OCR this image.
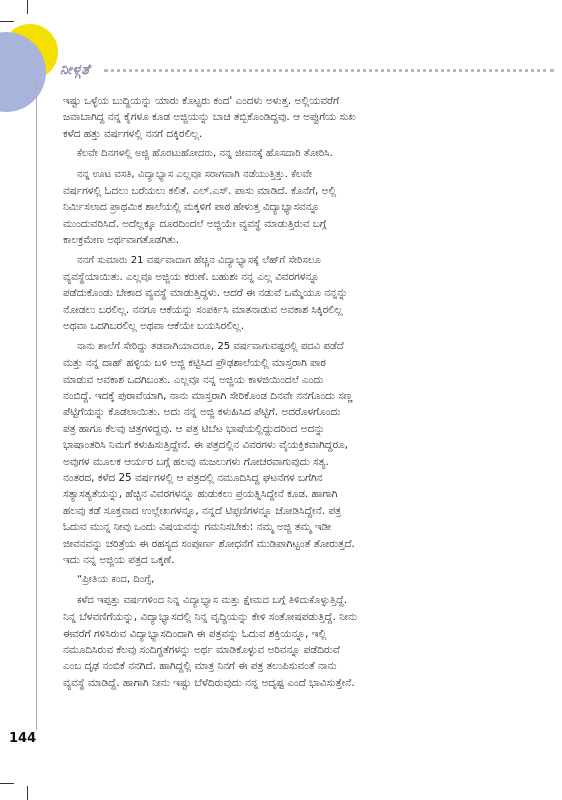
ನೀಳ್ಗತೆ

ಇಷ್ಟು ಒಳ್ಳೆಯ ಬುದ್ಧಿಯನ್ನು ಯಾರು ಕೊಟ್ಟರು ಕಂದ' ಎಂದಳು ಅಳುತ್ತ. ಅಲ್ಲಿಯವರೆಗೆ
ಜವಾಬಾಗಿದ್ದ ನನ್ನ ಕೈಗಳೂ ಕೂಡ ಅಜ್ಜಿಯನ್ನು ಬಾಚಿ ತಬ್ಬಿಕೊಂಡಿದ್ದವು. ಆ ಅಪ್ಪುಗೆಯ ಸುಖ
ಕಳೆದ ಹತ್ತು ವರ್ಷಗಳಲ್ಲಿ ನನಗೆ ದಕ್ಕಿರಲಿಲ್ಲ.

ಕೆಲವೇ ದಿನಗಳಲ್ಲಿ ಅಜ್ಜಿ ಹೊರಟುಹೋದರು, ನನ್ನ ಜೀವನಕ್ಕೆ ಹೊಸದಾರಿ ತೋರಿಸಿ.

ನನ್ನ ಊಟ ವಸತಿ, ವಿದ್ಯಾಭ್ಯಾಸ ಎಲ್ಲವೂ ಸರಾಗವಾಗಿ ನಡೆಯುತ್ತಿತ್ತು. ಕೆಲವೇ
ವರ್ಷಗಳಲ್ಲಿ ಓದಲು ಬರೆಯಲು ಕಲಿತೆ. ಎಲ್.ಎಸ್. ಪಾಸು ಮಾಡಿದೆ. ಕೊನೆಗೆ, ಅಲ್ಲಿ
ನಿರ್ಮಿಸಲಾದ ಪ್ರಾಥಮಿಕ ಶಾಲೆಯಲ್ಲಿ ಮಕ್ಕಳಿಗೆ ಪಾಠ ಹೇಳುತ್ತ ವಿದ್ಯಾಭ್ಯಾಸವನ್ನೂ
ಮುಂದುವರಿಸಿದೆ. ಅದೆಲ್ಲಕ್ಕೂ ದೂರದಿಂದಲೆ ಅಜ್ಜಿಯೇ ವ್ಯವಸ್ಥೆ ಮಾಡುತ್ತಿರುವ ಬಗ್ಗೆ
ಕಾಲಕ್ರಮೇಣ ಅರ್ಥವಾಗತೊಡಗಿತು.

ನನಗೆ ಸುಮಾರು 21 ವರ್ಷವಾದಾಗ ಹೆಚ್ಚಿನ ವಿದ್ಯಾಭ್ಯಾಸಕ್ಕೆ ಲೆಹ್‌ಗೆ ಸೇರಿಸಲೂ
ವ್ಯವಸ್ಥೆಯಾಯಿತು. ಎಲ್ಲವೂ ಅಜ್ಜಿಯ ಕರುಣೆ. ಬಹುಶಃ ನನ್ನ ಎಲ್ಲ ವಿವರಗಳನ್ನೂ
ಪಡೆದುಕೊಂಡು ಬೇಕಾದ ವ್ಯವಸ್ಥೆ ಮಾಡುತ್ತಿದ್ದಳು. ಆದರೆ ಈ ನಡುವೆ ಒಮ್ಮೆಯೂ ನನ್ನನ್ನು
ನೋಡಲು ಬರಲಿಲ್ಲ. ನನಗೂ ಆಕೆಯನ್ನು ಸಂಪರ್ಕಿಸಿ ಮಾತನಾಡುವ ಅವಕಾಶ ಸಿಕ್ಕಿರಲಿಲ್ಲ
ಅಥವಾ ಒದಗಿಬರಲಿಲ್ಲ ಅಥವಾ ಆಕೆಯೇ ಬಯಸಿರಲಿಲ್ಲ.

ನಾನು ಶಾಲೆಗೆ ಸೇರಿದ್ದು ತಡವಾಗಿಯಾದರೂ, 25 ವರ್ಷವಾಗುವಷ್ಟರಲ್ಲಿ ಪದವಿ ಪಡೆದೆ
ಮತ್ತು ನನ್ನ ದಾಹ್ ಹಳ್ಳಿಯ ಬಳಿ ಅಜ್ಜಿ ಕಟ್ಟಿಸಿದ ಪ್ರೌಢಶಾಲೆಯಲ್ಲಿ ಮಾಸ್ತರಾಗಿ ಪಾಠ
ಮಾಡುವ ಅವಕಾಶ ಒದಗಿಬಂತು. ಎಲ್ಲವೂ ನನ್ನ ಅಜ್ಜಿಯ ಕಾಳಜಿಯಿಂದಲೆ ಎಂದು
ನಂಬಿದ್ದೆ. ಇದಕ್ಕೆ ಪುರಾವೆಯಾಗಿ, ನಾನು ಮಾಸ್ತರಾಗಿ ಸೇರಿಕೊಂಡ ದಿನವೇ ನನಗೊಂದು ಸಣ್ಣ
ಪೆಟ್ಟಿಗೆಯನ್ನು ಕೊಡಲಾಯಿತು. ಅದು ನನ್ನ ಅಜ್ಜಿ ಕಳುಹಿಸಿದ ಪೆಟ್ಟಿಗೆ. ಅದರೊಳಗೊಂದು
ಪತ್ರ ಹಾಗೂ ಕೆಲವು ಚಿತ್ರಗಳಿದ್ದವು. ಆ ಪತ್ರ ಟಿಬೆಟ ಭಾಷೆಯಲ್ಲಿದ್ದುದರಿಂದ ಅದನ್ನು
ಭಾಷಾಂತರಿಸಿ ನಿಮಗೆ ಕಳುಹಿಸುತ್ತಿದ್ದೇನೆ. ಈ ಪತ್ರದಲ್ಲಿನ ವಿವರಗಳು ವೈಯಕ್ತಿಕವಾಗಿದ್ದರೂ,
ಅವುಗಳ ಮೂಲಕ ಆರ್ಯರ ಬಗ್ಗೆ ಹಲವು ಮಜಲುಗಳು ಗೋಚರವಾಗುವುದು ಸತ್ಯ.
ನಂತರದ, ಕಳೆದ 25 ವರ್ಷಗಳಲ್ಲಿ ಆ ಪತ್ರದಲ್ಲಿ ನಮೂದಿಸಿದ್ದ ಘಟನೆಗಳ ಬಗೆಗಿನ
ಸತ್ಯಾಸತ್ಯತೆಯನ್ನು, ಹೆಚ್ಚಿನ ವಿವರಗಳನ್ನೂ ಹುಡುಕಲು ಪ್ರಯತ್ನಿಸಿದ್ದೇನೆ ಕೂಡ. ಹಾಗಾಗಿ
ಹಲವು ಕಡೆ ಸೂಕ್ತವಾದ ಉಲ್ಲೇಖಗಳನ್ನೂ, ನನ್ನದೆ ಟಿಪ್ಪಣಿಗಳನ್ನೂ ಜೋಡಿಸಿದ್ದೇನೆ. ಪತ್ರ
ಓದುವ ಮುನ್ನ ನೀವು ಒಂದು ವಿಷಯವನ್ನು ಗಮನಿಸಬೇಕು: ನಮ್ಮ ಅಜ್ಜಿ ತಮ್ಮ ಇಡೀ
ಜೀವನವನ್ನು ಚರಿತ್ರೆಯ ಈ ರಹಸ್ಯದ ಸಂಪೂರ್ಣ ಶೋಧನೆಗೆ ಮುಡಿಪಾಗಿಟ್ಟಂತೆ ತೋರುತ್ತದೆ.
ಇದು ನನ್ನ ಅಜ್ಜಿಯ ಪತ್ರದ ಒಕ್ಕಣೆ.

“ಪ್ರೀತಿಯ ಕಂದ, ದಿಂಗ್ಸೆ,

ಕಳೆದ ಇಪ್ಪತ್ತು ವರ್ಷಗಳಿಂದ ನಿನ್ನ ವಿದ್ಯಾಭ್ಯಾಸ ಮತ್ತು ಕ್ಷೇಮದ ಬಗ್ಗೆ ತಿಳಿದುಕೊಳ್ಳುತ್ತಿದ್ದೆ.
ನಿನ್ನ ಬೆಳವಣಿಗೆಯನ್ನು, ವಿದ್ಯಾಭ್ಯಾಸದಲ್ಲಿ ನಿನ್ನ ವೃದ್ಧಿಯನ್ನು ಕೇಳಿ ಸಂತೋಷಪಡುತ್ತಿದ್ದೆ. ನೀನು
ಈವರೆಗೆ ಗಳಿಸಿರುವ ವಿದ್ಯಾಭ್ಯಾಸದಿಂದಾಗಿ ಈ ಪತ್ರವನ್ನು ಓದುವ ಶಕ್ತಿಯನ್ನೂ, ಇಲ್ಲಿ
ನಮೂದಿಸಿರುವ ಕೆಲವು ಸಂದಿಗ್ಧತೆಗಳನ್ನು ಅರ್ಥ ಮಾಡಿಕೊಳ್ಳುವ ಅರಿವನ್ನೂ ಪಡೆದಿರುವೆ
ಎಂಬ ದೃಢ ನಂಬಿಕೆ ನನಗಿದೆ. ಹಾಗಿದ್ದಲ್ಲಿ ಮಾತ್ರ ನಿನಗೆ ಈ ಪತ್ರ ತಲುಪಿಸುವಂತೆ ನಾನು
ವ್ಯವಸ್ಥೆ ಮಾಡಿದ್ದೆ. ಹಾಗಾಗಿ ನೀನು ಇಷ್ಟು ಬೆಳೆದಿರುವುದು ನನ್ನ ಅದೃಷ್ಟ ಎಂದೆ ಭಾವಿಸುತ್ತೇನೆ.

144
